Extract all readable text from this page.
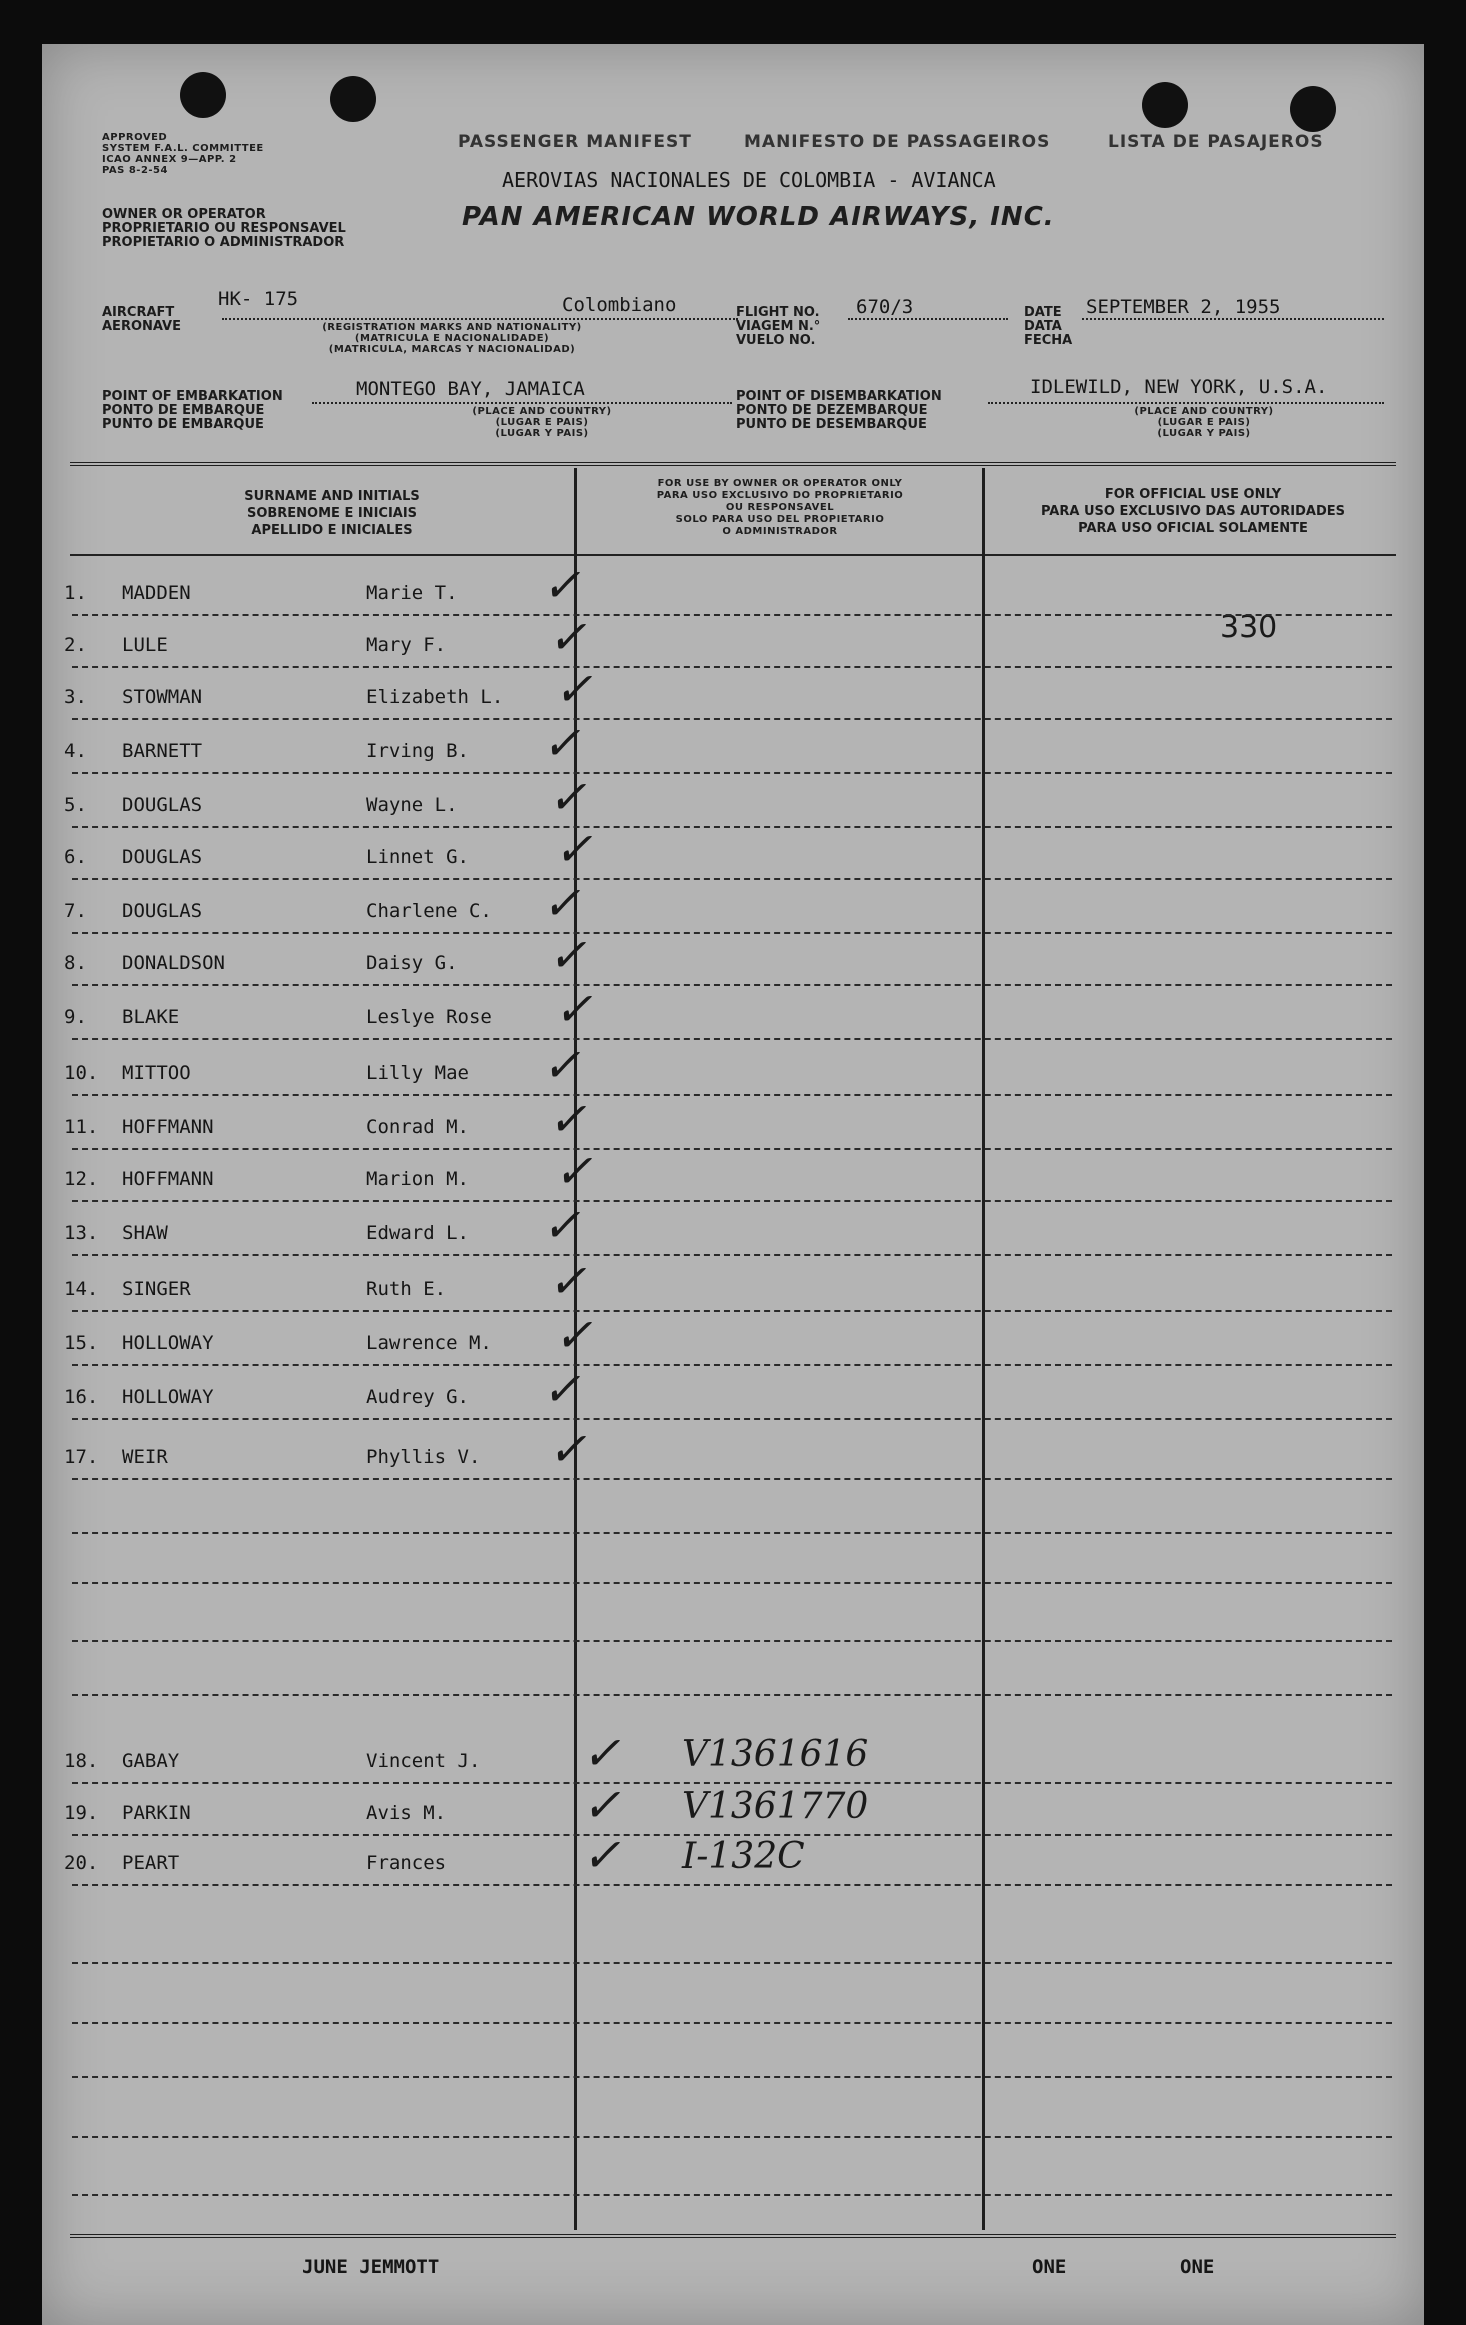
APPROVED
SYSTEM F.A.L. COMMITTEE
ICAO ANNEX 9—APP. 2
PAS 8-2-54
OWNER OR OPERATOR
PROPRIETARIO OU RESPONSAVEL
PROPIETARIO O ADMINISTRADOR
PASSENGER MANIFEST	MANIFESTO DE PASSAGEIROS	LISTA DE PASAJEROS
AEROVIAS NACIONALES DE COLOMBIA - AVIANCA
PAN AMERICAN WORLD AIRWAYS, INC.
AIRCRAFT
AERONAVE
HK- 175	Colombiano
(REGISTRATION MARKS AND NATIONALITY)
(MATRICULA E NACIONALIDADE)
(MATRICULA, MARCAS Y NACIONALIDAD)
FLIGHT NO.
VIAGEM N.°
VUELO NO.
670/3	DATE
DATA
FECHA
SEPTEMBER 2, 1955
POINT OF EMBARKATION
PONTO DE EMBARQUE
PUNTO DE EMBARQUE
MONTEGO BAY, JAMAICA
(PLACE AND COUNTRY)
(LUGAR E PAIS)
(LUGAR Y PAIS)
POINT OF DISEMBARKATION
PONTO DE DEZEMBARQUE
PUNTO DE DESEMBARQUE
IDLEWILD, NEW YORK, U.S.A.
(PLACE AND COUNTRY)
(LUGAR E PAIS)
(LUGAR Y PAIS)
SURNAME AND INITIALS
SOBRENOME E INICIAIS
APELLIDO E INICIALES
FOR USE BY OWNER OR OPERATOR ONLY
PARA USO EXCLUSIVO DO PROPRIETARIO
OU RESPONSAVEL
SOLO PARA USO DEL PROPIETARIO
O ADMINISTRADOR
FOR OFFICIAL USE ONLY
PARA USO EXCLUSIVO DAS AUTORIDADES
PARA USO OFICIAL SOLAMENTE
330
1.	MADDEN	Marie T.	✓
2.	LULE	Mary F.	✓
3.	STOWMAN	Elizabeth L.	✓
4.	BARNETT	Irving B.	✓
5.	DOUGLAS	Wayne L.	✓
6.	DOUGLAS	Linnet G.	✓
7.	DOUGLAS	Charlene C.	✓
8.	DONALDSON	Daisy G.	✓
9.	BLAKE	Leslye Rose	✓
10.	MITTOO	Lilly Mae	✓
11.	HOFFMANN	Conrad M.	✓
12.	HOFFMANN	Marion M.	✓
13.	SHAW	Edward L.	✓
14.	SINGER	Ruth E.	✓
15.	HOLLOWAY	Lawrence M.	✓
16.	HOLLOWAY	Audrey G.	✓
17.	WEIR	Phyllis V.	✓
18.	GABAY	Vincent J.	✓ V1361616
19.	PARKIN	Avis M.	✓ V1361770
20.	PEART	Frances	✓ I-132C
JUNE JEMMOTT	ONE	ONE
